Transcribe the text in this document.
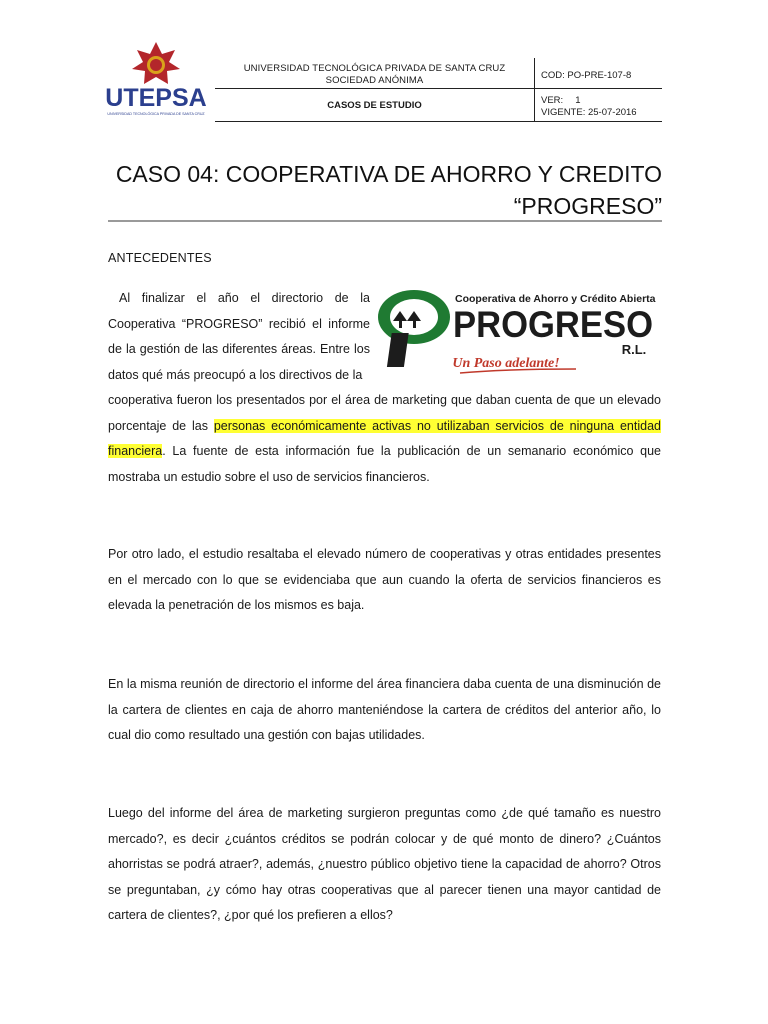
UTEPSA
UNIVERSIDAD TECNOLÓGICA PRIVADA DE SANTA CRUZ
UNIVERSIDAD TECNOLÓGICA PRIVADA DE SANTA CRUZ
SOCIEDAD ANÓNIMA
CASOS DE ESTUDIO
COD: PO-PRE-107-8
VER: 1
VIGENTE: 25-07-2016
CASO 04: COOPERATIVA DE AHORRO Y CREDITO
“PROGRESO”
ANTECEDENTES
Al finalizar el año el directorio de la Cooperativa “PROGRESO” recibió el informe de la gestión de las diferentes áreas. Entre los datos qué más preocupó a los directivos de la
Cooperativa de Ahorro y Crédito Abierta
PROGRESO
R.L.
Un Paso adelante!
cooperativa fueron los presentados por el área de marketing que daban cuenta de que un elevado porcentaje de las personas económicamente activas no utilizaban servicios de ninguna entidad financiera. La fuente de esta información fue la publicación de un semanario económico que mostraba un estudio sobre el uso de servicios financieros.
Por otro lado, el estudio resaltaba el elevado número de cooperativas y otras entidades presentes en el mercado con lo que se evidenciaba que aun cuando la oferta de servicios financieros es elevada la penetración de los mismos es baja.
En la misma reunión de directorio el informe del área financiera daba cuenta de una disminución de la cartera de clientes en caja de ahorro manteniéndose la cartera de créditos del anterior año, lo cual dio como resultado una gestión con bajas utilidades.
Luego del informe del área de marketing surgieron preguntas como ¿de qué tamaño es nuestro mercado?, es decir ¿cuántos créditos se podrán colocar y de qué monto de dinero? ¿Cuántos ahorristas se podrá atraer?, además, ¿nuestro público objetivo tiene la capacidad de ahorro? Otros se preguntaban, ¿y cómo hay otras cooperativas que al parecer tienen una mayor cantidad de cartera de clientes?, ¿por qué los prefieren a ellos?
